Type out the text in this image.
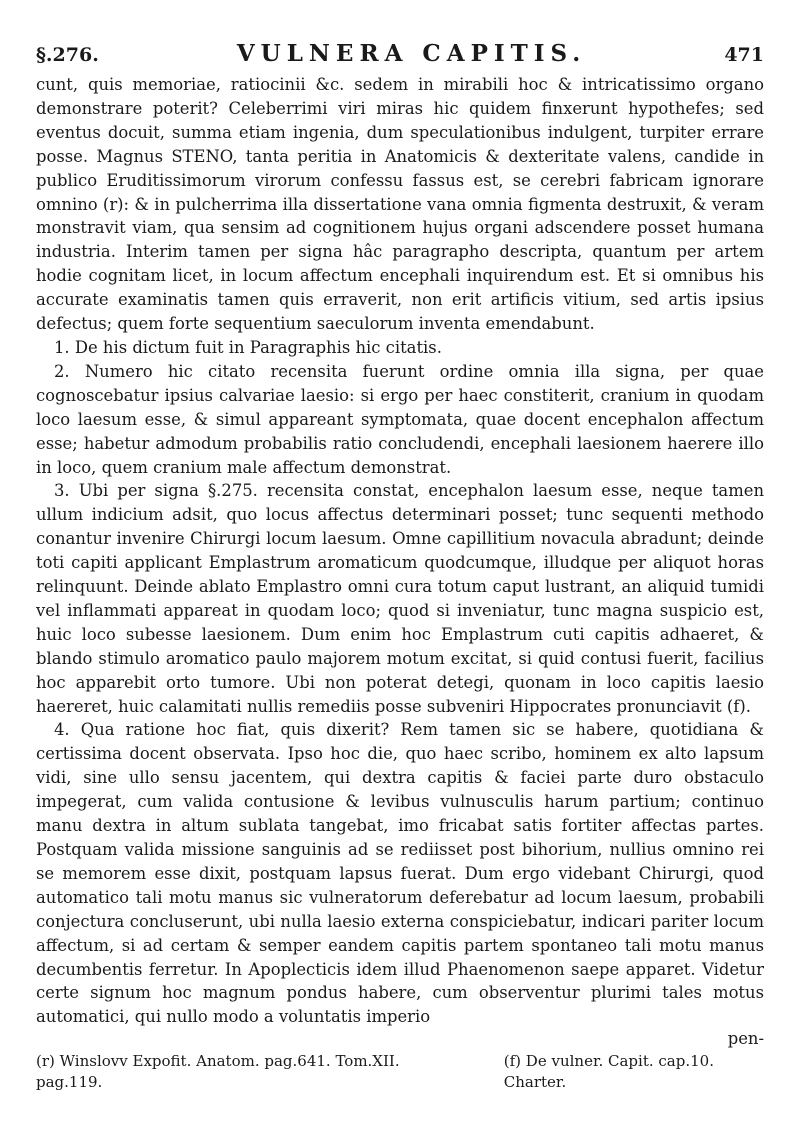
§.276.	VULNERA CAPITIS.	471

cunt, quis memoriae, ratiocinii &c. sedem in mirabili hoc & intricatissimo organo demonstrare poterit? Celeberrimi viri miras hic quidem finxerunt hypothefes; sed eventus docuit, summa etiam ingenia, dum speculationibus indulgent, turpiter errare posse. Magnus STENO, tanta peritia in Anatomicis & dexteritate valens, candide in publico Eruditissimorum virorum confessu fassus est, se cerebri fabricam ignorare omnino (r): & in pulcherrima illa dissertatione vana omnia figmenta destruxit, & veram monstravit viam, qua sensim ad cognitionem hujus organi adscendere posset humana industria. Interim tamen per signa hâc paragrapho descripta, quantum per artem hodie cognitam licet, in locum affectum encephali inquirendum est. Et si omnibus his accurate examinatis tamen quis erraverit, non erit artificis vitium, sed artis ipsius defectus; quem forte sequentium saeculorum inventa emendabunt.

1. De his dictum fuit in Paragraphis hic citatis.

2. Numero hic citato recensita fuerunt ordine omnia illa signa, per quae cognoscebatur ipsius calvariae laesio: si ergo per haec constiterit, cranium in quodam loco laesum esse, & simul appareant symptomata, quae docent encephalon affectum esse; habetur admodum probabilis ratio concludendi, encephali laesionem haerere illo in loco, quem cranium male affectum demonstrat.

3. Ubi per signa §.275. recensita constat, encephalon laesum esse, neque tamen ullum indicium adsit, quo locus affectus determinari posset; tunc sequenti methodo conantur invenire Chirurgi locum laesum. Omne capillitium novacula abradunt; deinde toti capiti applicant Emplastrum aromaticum quodcumque, illudque per aliquot horas relinquunt. Deinde ablato Emplastro omni cura totum caput lustrant, an aliquid tumidi vel inflammati appareat in quodam loco; quod si inveniatur, tunc magna suspicio est, huic loco subesse laesionem. Dum enim hoc Emplastrum cuti capitis adhaeret, & blando stimulo aromatico paulo majorem motum excitat, si quid contusi fuerit, facilius hoc apparebit orto tumore. Ubi non poterat detegi, quonam in loco capitis laesio haereret, huic calamitati nullis remediis posse subveniri Hippocrates pronunciavit (f).

4. Qua ratione hoc fiat, quis dixerit? Rem tamen sic se habere, quotidiana & certissima docent observata. Ipso hoc die, quo haec scribo, hominem ex alto lapsum vidi, sine ullo sensu jacentem, qui dextra capitis & faciei parte duro obstaculo impegerat, cum valida contusione & levibus vulnusculis harum partium; continuo manu dextra in altum sublata tangebat, imo fricabat satis fortiter affectas partes. Postquam valida missione sanguinis ad se rediisset post bihorium, nullius omnino rei se memorem esse dixit, postquam lapsus fuerat. Dum ergo videbant Chirurgi, quod automatico tali motu manus sic vulneratorum deferebatur ad locum laesum, probabili conjectura concluserunt, ubi nulla laesio externa conspiciebatur, indicari pariter locum affectum, si ad certam & semper eandem capitis partem spontaneo tali motu manus decumbentis ferretur. In Apoplecticis idem illud Phaenomenon saepe apparet. Videtur certe signum hoc magnum pondus habere, cum observentur plurimi tales motus automatici, qui nullo modo a voluntatis imperio

pen-

(r) Winslovv Expofit. Anatom. pag.641. Tom.XII. pag.119.
(f) De vulner. Capit. cap.10. Charter.
